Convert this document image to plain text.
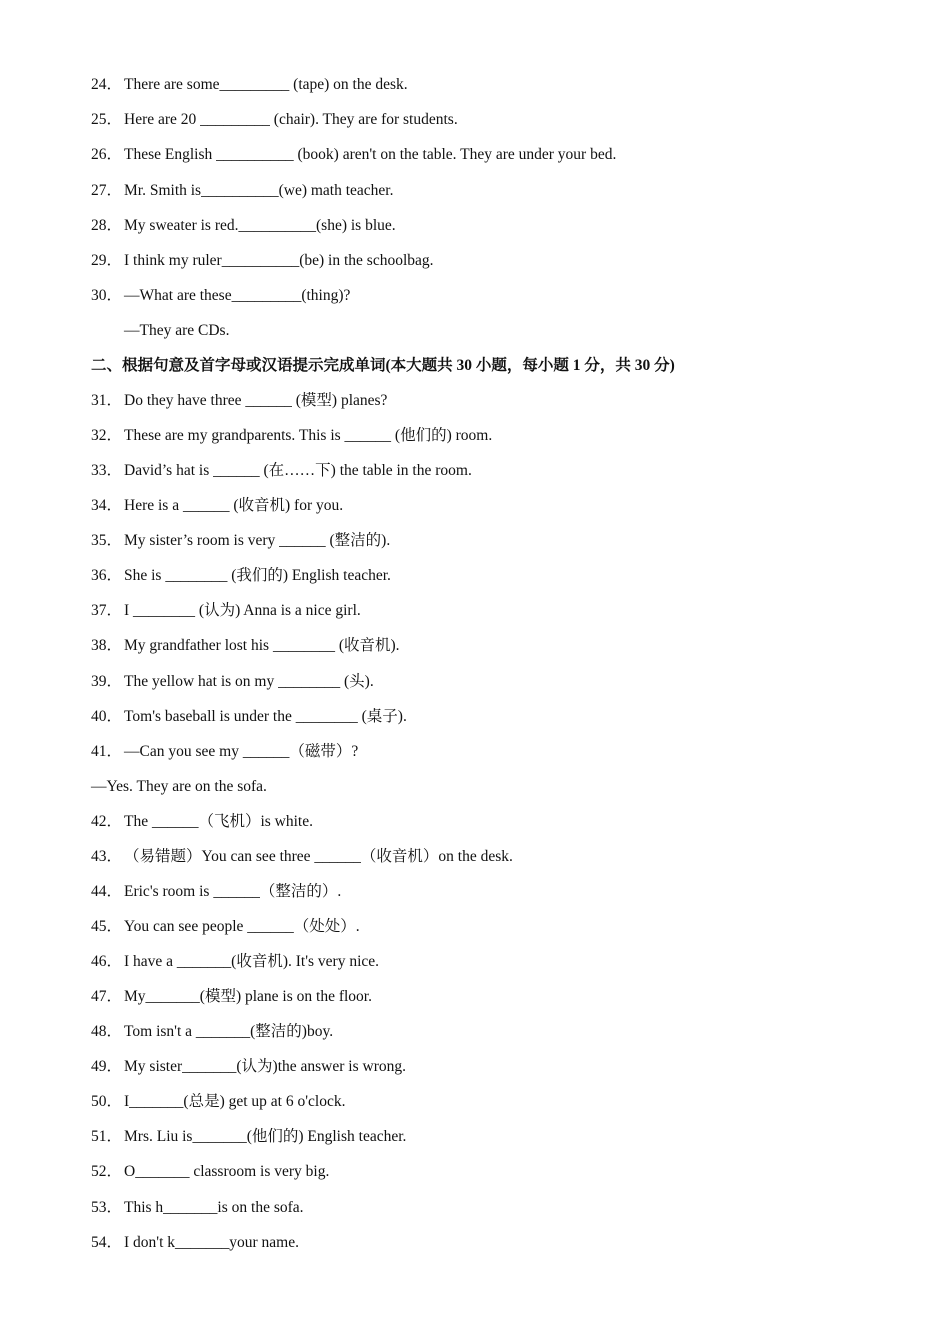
24． There are some_________ (tape) on the desk.
25． Here are 20 _________ (chair). They are for students.
26． These English __________ (book) aren't on the table. They are under your bed.
27． Mr. Smith is__________(we) math teacher.
28． My sweater is red.__________(she) is blue.
29． I think my ruler__________(be) in the schoolbag.
30． —What are these_________(thing)?
—They are CDs.
二、根据句意及首字母或汉语提示完成单词(本大题共 30 小题，每小题 1 分，共 30 分)
31． Do they have three ______ (模型) planes?
32． These are my grandparents. This is ______ (他们的) room.
33． David’s hat is ______ (在……下) the table in the room.
34． Here is a ______ (收音机) for you.
35． My sister’s room is very ______ (整洁的).
36． She is ________ (我们的) English teacher.
37． I ________ (认为) Anna is a nice girl.
38． My grandfather lost his ________ (收音机).
39． The yellow hat is on my ________ (头).
40． Tom's baseball is under the ________ (桌子).
41． —Can you see my ______（磁带）?
—Yes. They are on the sofa.
42． The ______（飞机）is white.
43． （易错题）You can see three ______（收音机）on the desk.
44． Eric's room is ______（整洁的）.
45． You can see people ______（处处）.
46． I have a _______(收音机). It's very nice.
47． My_______(模型) plane is on the floor.
48． Tom isn't a _______(整洁的)boy.
49． My sister_______(认为)the answer is wrong.
50． I_______(总是) get up at 6 o'clock.
51． Mrs. Liu is_______(他们的) English teacher.
52． O_______ classroom is very big.
53． This h_______is on the sofa.
54． I don't k_______your name.
